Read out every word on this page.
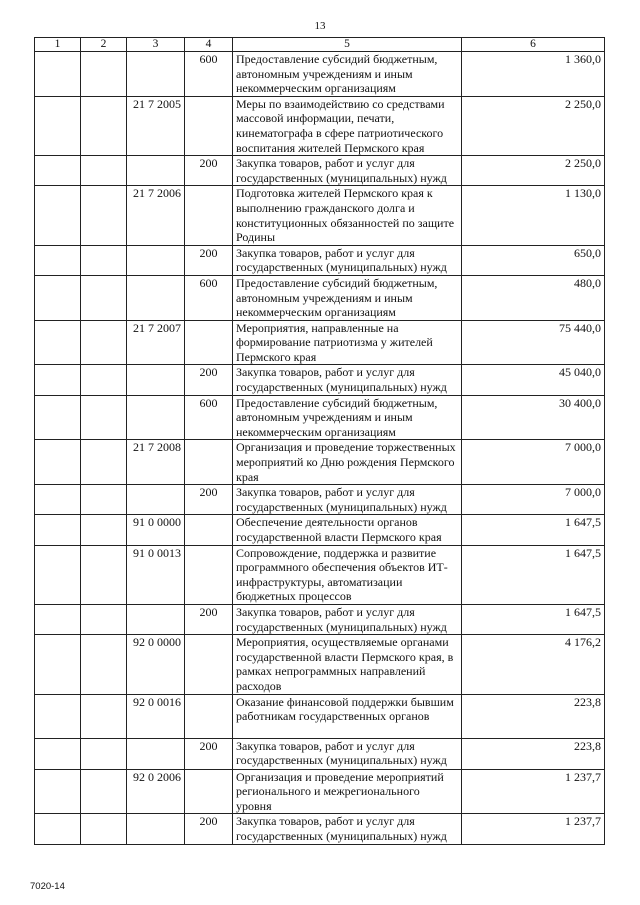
13
1	2	3	4	5	6
			600	Предоставление субсидий бюджетным, автономным учреждениям и иным некоммерческим организациям	1 360,0
		21 7 2005		Меры по взаимодействию со средствами массовой информации, печати, кинематографа в сфере патриотического воспитания жителей Пермского края	2 250,0
			200	Закупка товаров, работ и услуг для государственных (муниципальных) нужд	2 250,0
		21 7 2006		Подготовка жителей Пермского края к выполнению гражданского долга и конституционных обязанностей по защите Родины	1 130,0
			200	Закупка товаров, работ и услуг для государственных (муниципальных) нужд	650,0
			600	Предоставление субсидий бюджетным, автономным учреждениям и иным некоммерческим организациям	480,0
		21 7 2007		Мероприятия, направленные на формирование патриотизма у жителей Пермского края	75 440,0
			200	Закупка товаров, работ и услуг для государственных (муниципальных) нужд	45 040,0
			600	Предоставление субсидий бюджетным, автономным учреждениям и иным некоммерческим организациям	30 400,0
		21 7 2008		Организация и проведение торжественных мероприятий ко Дню рождения Пермского края	7 000,0
			200	Закупка товаров, работ и услуг для государственных (муниципальных) нужд	7 000,0
		91 0 0000		Обеспечение деятельности органов государственной власти Пермского края	1 647,5
		91 0 0013		Сопровождение, поддержка и развитие программного обеспечения объектов ИТ-инфраструктуры, автоматизации бюджетных процессов	1 647,5
			200	Закупка товаров, работ и услуг для государственных (муниципальных) нужд	1 647,5
		92 0 0000		Мероприятия, осуществляемые органами государственной власти Пермского края, в рамках непрограммных направлений расходов	4 176,2
		92 0 0016		Оказание финансовой поддержки бывшим работникам государственных органов	223,8
			200	Закупка товаров, работ и услуг для государственных (муниципальных) нужд	223,8
		92 0 2006		Организация и проведение мероприятий регионального и межрегионального уровня	1 237,7
			200	Закупка товаров, работ и услуг для государственных (муниципальных) нужд	1 237,7
7020-14
